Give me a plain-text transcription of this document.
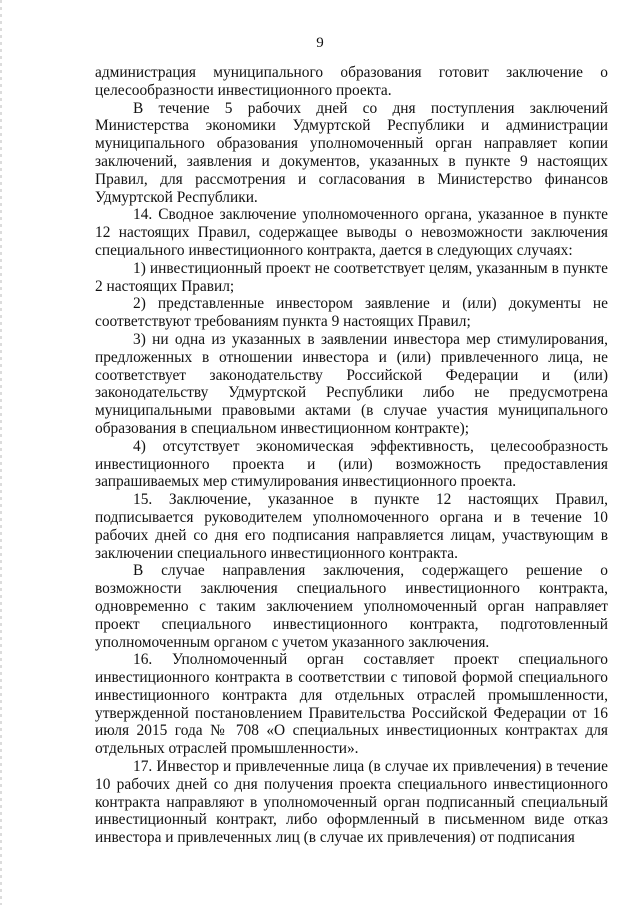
9

администрация муниципального образования готовит заключение о целесообразности инвестиционного проекта.

В течение 5 рабочих дней со дня поступления заключений Министерства экономики Удмуртской Республики и администрации муниципального образования уполномоченный орган направляет копии заключений, заявления и документов, указанных в пункте 9 настоящих Правил, для рассмотрения и согласования в Министерство финансов Удмуртской Республики.

14. Сводное заключение уполномоченного органа, указанное в пункте 12 настоящих Правил, содержащее выводы о невозможности заключения специального инвестиционного контракта, дается в следующих случаях:

1) инвестиционный проект не соответствует целям, указанным в пункте 2 настоящих Правил;

2) представленные инвестором заявление и (или) документы не соответствуют требованиям пункта 9 настоящих Правил;

3) ни одна из указанных в заявлении инвестора мер стимулирования, предложенных в отношении инвестора и (или) привлеченного лица, не соответствует законодательству Российской Федерации и (или) законодательству Удмуртской Республики либо не предусмотрена муниципальными правовыми актами (в случае участия муниципального образования в специальном инвестиционном контракте);

4) отсутствует экономическая эффективность, целесообразность инвестиционного проекта и (или) возможность предоставления запрашиваемых мер стимулирования инвестиционного проекта.

15. Заключение, указанное в пункте 12 настоящих Правил, подписывается руководителем уполномоченного органа и в течение 10 рабочих дней со дня его подписания направляется лицам, участвующим в заключении специального инвестиционного контракта.

В случае направления заключения, содержащего решение о возможности заключения специального инвестиционного контракта, одновременно с таким заключением уполномоченный орган направляет проект специального инвестиционного контракта, подготовленный уполномоченным органом с учетом указанного заключения.

16. Уполномоченный орган составляет проект специального инвестиционного контракта в соответствии с типовой формой специального инвестиционного контракта для отдельных отраслей промышленности, утвержденной постановлением Правительства Российской Федерации от 16 июля 2015 года № 708 «О специальных инвестиционных контрактах для отдельных отраслей промышленности».

17. Инвестор и привлеченные лица (в случае их привлечения) в течение 10 рабочих дней со дня получения проекта специального инвестиционного контракта направляют в уполномоченный орган подписанный специальный инвестиционный контракт, либо оформленный в письменном виде отказ инвестора и привлеченных лиц (в случае их привлечения) от подписания
